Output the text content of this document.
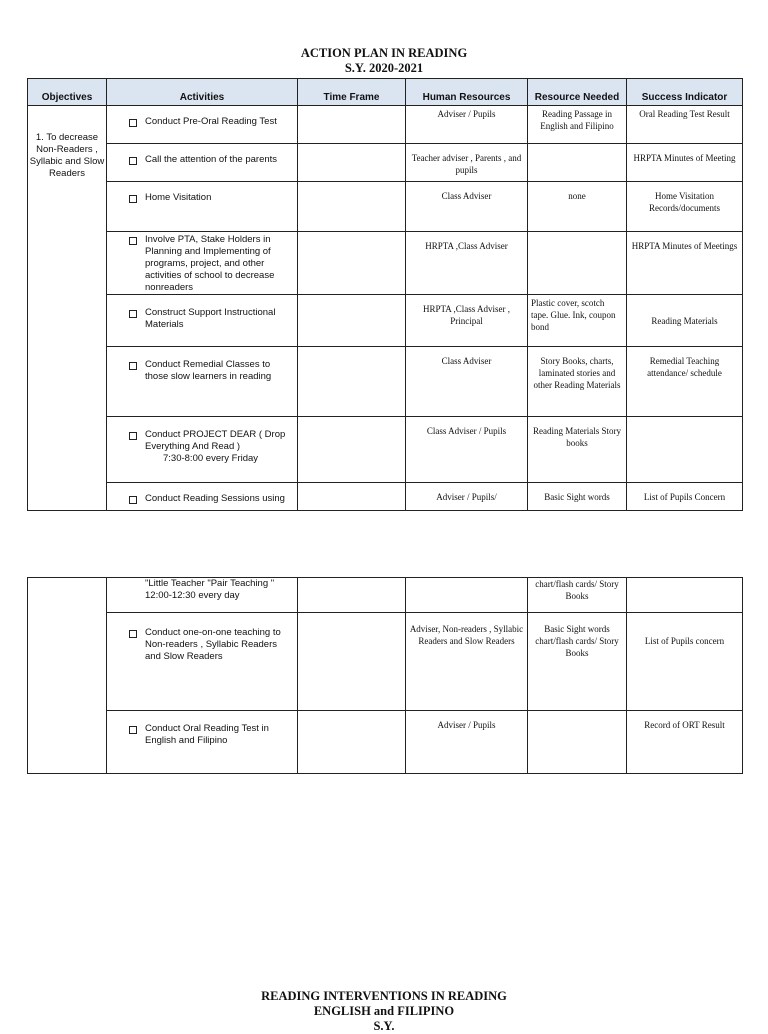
ACTION PLAN IN READING
S.Y. 2020-2021
Objectives	Activities	Time Frame	Human Resources	Resource Needed	Success Indicator
1. To decrease Non-Readers , Syllabic and Slow Readers	Conduct Pre-Oral Reading Test		Adviser / Pupils	Reading Passage in English and Filipino	Oral Reading Test Result

	Call the attention of the parents		Teacher adviser , Parents , and pupils		HRPTA Minutes of Meeting

	Home Visitation		Class Adviser	none	Home Visitation Records/documents

	Involve PTA, Stake Holders in Planning and Implementing of programs, project, and other activities of school to decrease nonreaders		HRPTA ,Class Adviser		HRPTA Minutes of Meetings

	Construct Support Instructional Materials		HRPTA ,Class Adviser , Principal	Plastic cover, scotch tape. Glue. Ink, coupon bond	Reading Materials

	Conduct Remedial Classes to those slow learners in reading		Class Adviser	Story Books, charts, laminated stories and other Reading Materials	Remedial Teaching attendance/ schedule

	Conduct PROJECT DEAR ( Drop Everything And Read )
7:30-8:00 every Friday		Class Adviser / Pupils	Reading Materials Story books	

	Conduct Reading Sessions using		Adviser / Pupils/	Basic Sight words	List of Pupils Concern

	"Little Teacher "Pair Teaching " 12:00-12:30 every day			chart/flash cards/ Story Books	

	Conduct one-on-one teaching to Non-readers , Syllabic Readers and Slow Readers		Adviser, Non-readers , Syllabic Readers and Slow Readers	Basic Sight words chart/flash cards/ Story Books	List of Pupils concern

	Conduct Oral Reading Test in English and Filipino		Adviser / Pupils		Record of ORT Result
READING INTERVENTIONS IN READING
ENGLISH and FILIPINO
S.Y.
